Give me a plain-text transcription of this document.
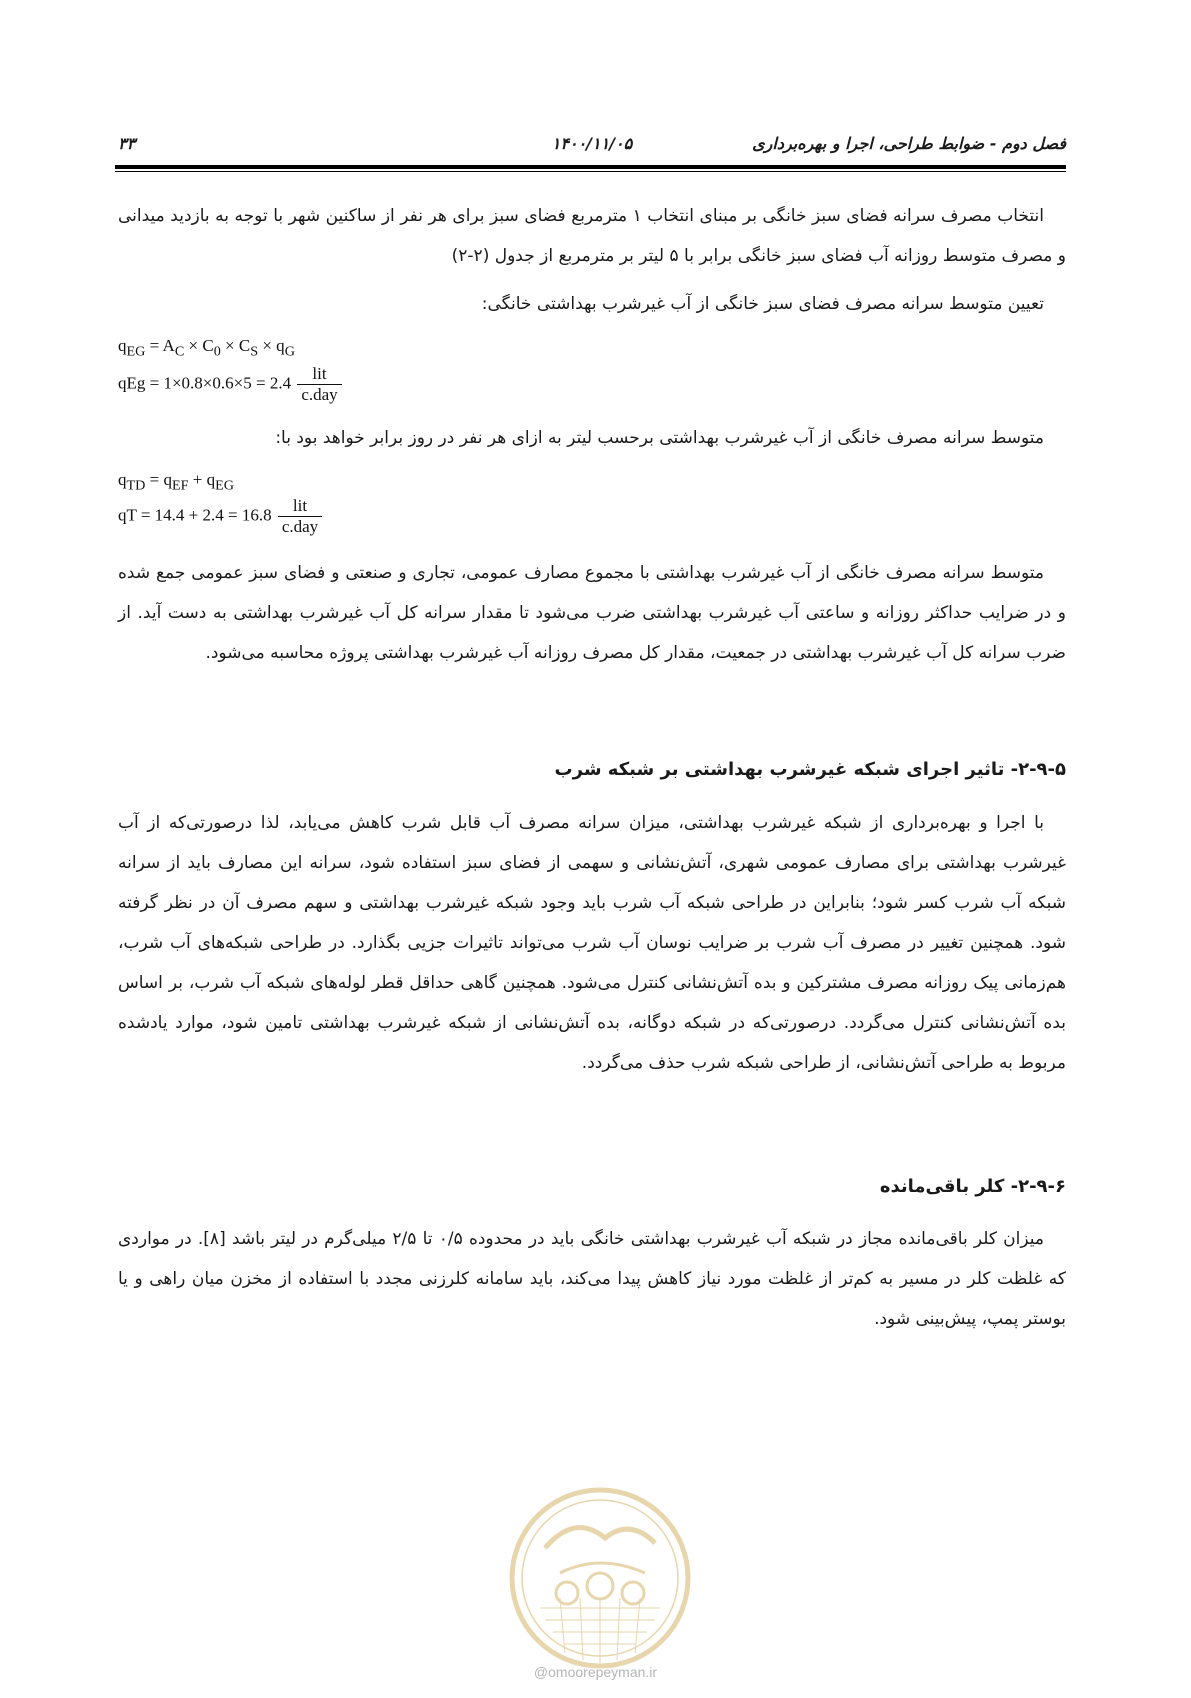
فصل دوم - ضوابط طراحی، اجرا و بهره‌برداری
۱۴۰۰/۱۱/۰۵
۳۳

انتخاب مصرف سرانه فضای سبز خانگی بر مبنای انتخاب ۱ مترمربع فضای سبز برای هر نفر از ساکنین شهر با توجه به بازدید میدانی و مصرف متوسط روزانه آب فضای سبز خانگی برابر با ۵ لیتر بر مترمربع از جدول (۲-۲)

تعیین متوسط سرانه مصرف فضای سبز خانگی از آب غیرشرب بهداشتی خانگی:

$q_{EG} = A_C \times C_0 \times C_S \times q_G$
qEg = $1\times 0.8\times 0.6\times 5 = 2.4 \frac{\text{lit}}{\text{c.day}}$

متوسط سرانه مصرف خانگی از آب غیرشرب بهداشتی برحسب لیتر به ازای هر نفر در روز برابر خواهد بود با:

$q_{TD} = q_{EF} + q_{EG}$
qT = $14.4 + 2.4 = 16.8 \frac{\text{lit}}{\text{c.day}}$

متوسط سرانه مصرف خانگی از آب غیرشرب بهداشتی با مجموع مصارف عمومی، تجاری و صنعتی و فضای سبز عمومی جمع شده و در ضرایب حداکثر روزانه و ساعتی آب غیرشرب بهداشتی ضرب می‌شود تا مقدار سرانه کل آب غیرشرب بهداشتی به دست آید. از ضرب سرانه کل آب غیرشرب بهداشتی در جمعیت، مقدار کل مصرف روزانه آب غیرشرب بهداشتی پروژه محاسبه می‌شود.

۲-۹-۵- تاثیر اجرای شبکه غیرشرب بهداشتی بر شبکه شرب

با اجرا و بهره‌برداری از شبکه غیرشرب بهداشتی، میزان سرانه مصرف آب قابل شرب کاهش می‌یابد، لذا درصورتی‌که از آب غیرشرب بهداشتی برای مصارف عمومی شهری، آتش‌نشانی و سهمی از فضای سبز استفاده شود، سرانه این مصارف باید از سرانه شبکه آب شرب کسر شود؛ بنابراین در طراحی شبکه آب شرب باید وجود شبکه غیرشرب بهداشتی و سهم مصرف آن در نظر گرفته شود. همچنین تغییر در مصرف آب شرب بر ضرایب نوسان آب شرب می‌تواند تاثیرات جزیی بگذارد. در طراحی شبکه‌های آب شرب، هم‌زمانی پیک روزانه مصرف مشترکین و بده آتش‌نشانی کنترل می‌شود. همچنین گاهی حداقل قطر لوله‌های شبکه آب شرب، بر اساس بده آتش‌نشانی کنترل می‌گردد. درصورتی‌که در شبکه دوگانه، بده آتش‌نشانی از شبکه غیرشرب بهداشتی تامین شود، موارد یادشده مربوط به طراحی آتش‌نشانی، از طراحی شبکه شرب حذف می‌گردد.

۲-۹-۶- کلر باقی‌مانده

میزان کلر باقی‌مانده مجاز در شبکه آب غیرشرب بهداشتی خانگی باید در محدوده ۰/۵ تا ۲/۵ میلی‌گرم در لیتر باشد [۸]. در مواردی که غلظت کلر در مسیر به کم‌تر از غلظت مورد نیاز کاهش پیدا می‌کند، باید سامانه کلرزنی مجدد با استفاده از مخزن میان راهی و یا بوستر پمپ، پیش‌بینی شود.

@omoorepeyman.ir
